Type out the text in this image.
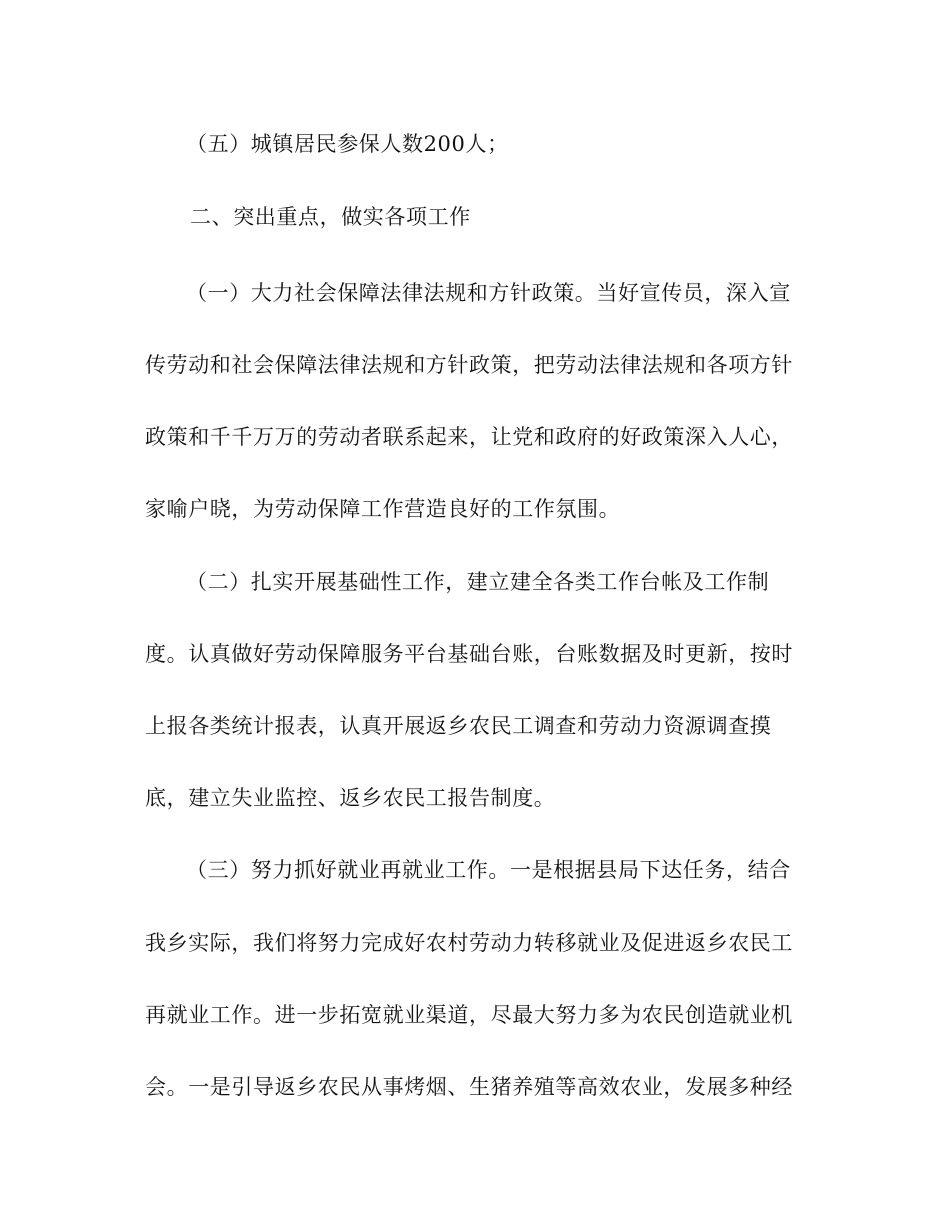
（五）城镇居民参保人数200人；
二、突出重点，做实各项工作
（一）大力社会保障法律法规和方针政策。当好宣传员，深入宣
传劳动和社会保障法律法规和方针政策，把劳动法律法规和各项方针
政策和千千万万的劳动者联系起来，让党和政府的好政策深入人心，
家喻户晓，为劳动保障工作营造良好的工作氛围。
（二）扎实开展基础性工作，建立建全各类工作台帐及工作制
度。认真做好劳动保障服务平台基础台账，台账数据及时更新，按时
上报各类统计报表，认真开展返乡农民工调查和劳动力资源调查摸
底，建立失业监控、返乡农民工报告制度。
（三）努力抓好就业再就业工作。一是根据县局下达任务，结合
我乡实际，我们将努力完成好农村劳动力转移就业及促进返乡农民工
再就业工作。进一步拓宽就业渠道，尽最大努力多为农民创造就业机
会。一是引导返乡农民从事烤烟、生猪养殖等高效农业，发展多种经
